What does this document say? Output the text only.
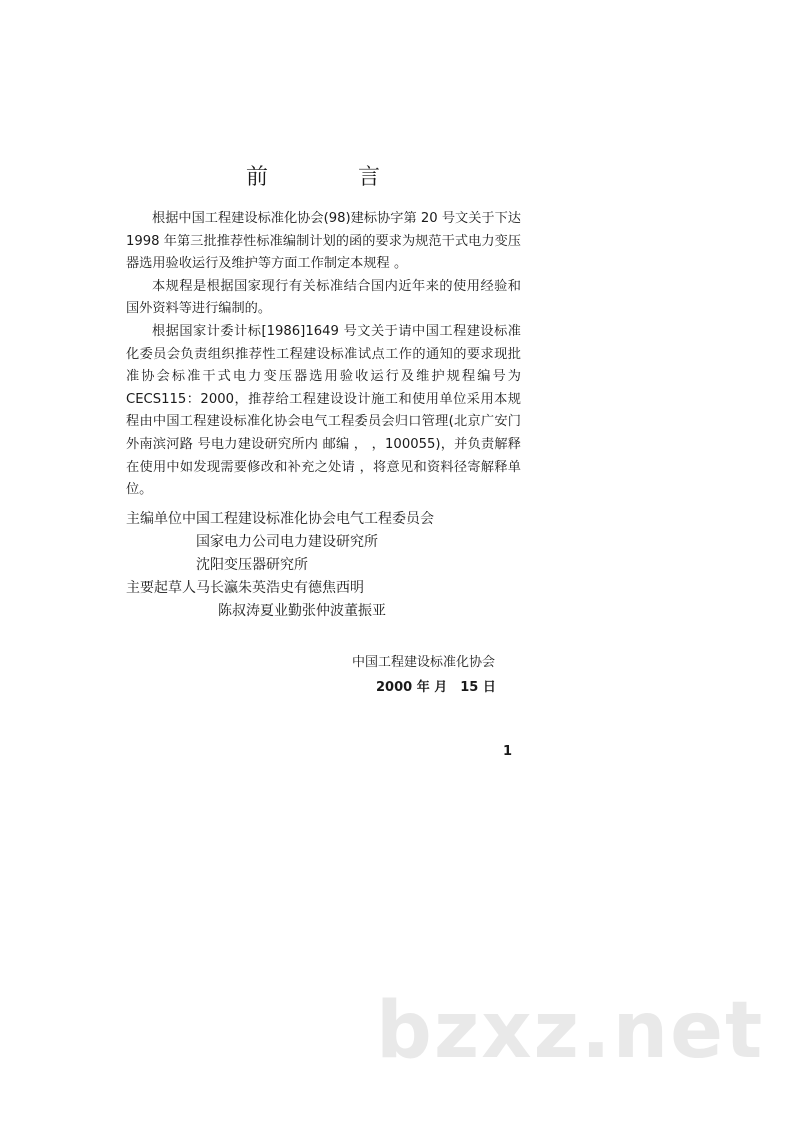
前　言

根据中国工程建设标准化协会(98)建标协字第 20 号文关于下达 1998 年第三批推荐性标准编制计划的函的要求为规范干式电力变压器选用验收运行及维护等方面工作制定本规程 。

本规程是根据国家现行有关标准结合国内近年来的使用经验和国外资料等进行编制的。

根据国家计委计标[1986]1649 号文关于请中国工程建设标准化委员会负责组织推荐性工程建设标准试点工作的通知的要求现批准协会标准干式电力变压器选用验收运行及维护规程编号为 CECS115：2000，推荐给工程建设设计施工和使用单位采用本规程由中国工程建设标准化协会电气工程委员会归口管理(北京广安门外南滨河路 号电力建设研究所内 邮编 ， ，100055)，并负责解释在使用中如发现需要修改和补充之处请 ，将意见和资料径寄解释单位。

主编单位中国工程建设标准化协会电气工程委员会
国家电力公司电力建设研究所
沈阳变压器研究所
主要起草人马长瀛朱英浩史有德焦西明
陈叔涛夏业勤张仲波董振亚
中国工程建设标准化协会
2000 年 月　15 日
1
bzxz.net
